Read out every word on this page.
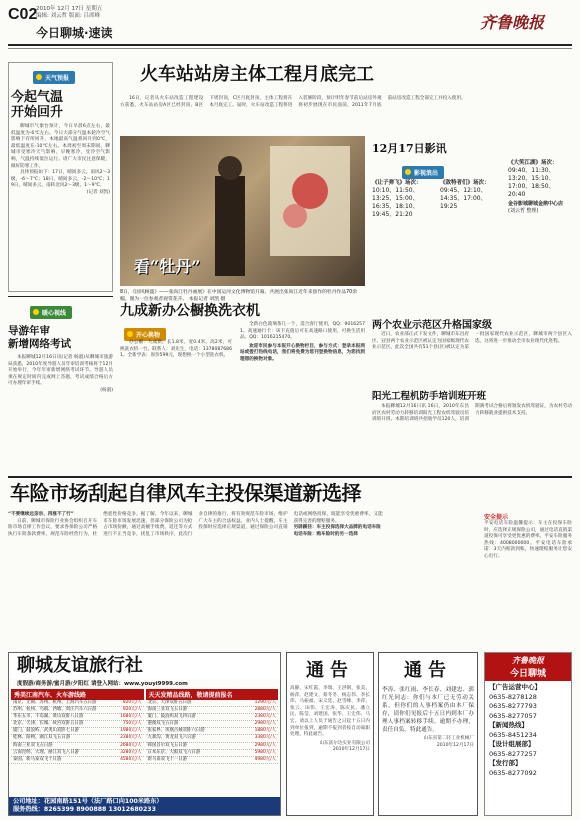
C02
2010年 12月 17日 星期五
编辑: 刘云哲 版面: 吕席峰
今日聊城·速读
齐鲁晚报
天气预报
今起气温
开始回升

聊城市气象台预计，今日早晨6点左右，最低温度为-6℃左右。今日大部分气温本轮冷空气影响下有所回升，本地最高气温将回升到0℃，最低温度在-10℃左右。本周初至周末期间，聊城市受寒冷天气影响，早晚寒冷，受冷空气影响，气温持续低位运行。请广大市民注意保暖，做好防寒工作。

具体预报如下：17日，晴间多云，南风2～3级，-6～7℃；18日，晴间多云，-2～10℃；19日，晴间多云，南转北风2～3级，1～9℃。

(记者 刘凯)

火车站站房主体工程月底完工

16日，记者从火车站改造工程建设方获悉，火车站站房A区已经封顶，B区下周封顶，C区月底封顶，主体工程将在本月底完工。届时，火车站改造工程将进入装修阶段，预计明年春节前后站房外观将初步展现在市民面前，2011年7月底前站房改造工程全部完工并投入使用。

看“牡丹”
8日，《国风顾盛》——张尚江牡丹画展》在中国运河文化博物馆开幕，共展出张尚江近年来创作的牡丹作品70余幅，图为一位参观者观赏花卉。 本报记者 刘凯 摄
12月17日影讯
影视浪出
《让子弹飞》场次：
10:10、11:50、13:25、15:00、16:35、18:10、19:45、21:20
《敌特者们》场次：
09:45、12:10、14:35、17:00、19:25
《大笑江湖》场次：
09:40、11:30、13:20、15:10、17:00、18:50、20:40
金谷影城聊城金鼎中心店
(刘云哲 整理)
暖心视线
导游年审
新增网络考试

本报聊城12月16日讯(记者 杨淑)从聊城市旅游局获悉，2010年度导游人员年审培训考核将于12月开始举行，今年年审新增网络考试环节。导游人员须在规定时间内完成网上答题，考试成绩合格后方可办理年审手续。

(杨淑)

九成新办公橱换洗衣机
开心换物

办公橱：九成新，长1.8米，宽0.4米，高2米，可换洗衣机一台。联系人：刘先生，电话：13780876861。全新学表：原价599元，现想换一个小型洗衣机。

全新白色玻璃茶几一个，适合客厅使用，QQ：90162571。高速通行卡：该卡充值后可在高速路口使用，可换生活用品。QQ：1016215470。

欢迎市民参与本报开心换物栏目，参与方式：登录本报网站或拨打热线电话，我们将免费为您刊登换物信息，为您找到理想的换物对象。

两个农业示范区升格国家级

近日，农业部正式下发文件，聊城市东昌府区、冠县两个农业示范区被认定为国家级现代农业示范区。此次全国共有51个县(区)被认定为第一批国家现代农业示范区，聊城市两个县区入选，这将进一步推动全市农业现代化进程。

阳光工程机防手培训班开班

本报聊城12月16日讯 16日，2010年东昌府区农村劳动力转移培训阳光工程农机驾驶员培训班开班。本期培训班共招收学员120人，培训期满考试合格后将颁发农机驾驶证，为农村劳动力转移就业提供技术支持。

车险市场刮起自律风车主投保渠道新选择

“不要继续远亲宗、再涨不了行”

日前，聊城市保险行业协会组织召开车险市场自律工作会议，要求各保险公司严格执行车险条款费率，规范车险经营行为，杜绝恶性价格竞争。据了解，今年以来，聊城市车险市场发展迅速，但部分保险公司为抢占市场份额，通过高额手续费、返还等方式进行不正当竞争，扰乱了市场秩序。此次行业自律的推行，将有效规范车险市场，维护广大车主的合法权益。业内人士提醒，车主投保时应选择正规渠道，通过保险公司直销电话或网络投保，既能享受优惠费率，又能获得完善的理赔服务。

另辟蹊径：车主投保选择大品牌的电话车险

电话车险：购车险时的另一选择

安全提示
平安电话车险温馨提示：车主在投保车险时，应选择正规保险公司，通过电话直销渠道投保可享受更优惠的费率。平安车险服务热线：4008000000。平安电话车险承诺：3天内赔款到账，快速理赔服务让您安心出行。
聊城友谊旅行社
度假游/商务游/蜜月游/夕阳红 请登入网站：www.youyi9999.com
秀美江南汽车、火车游线路
南京、无锡、苏州、杭州、上海汽车五日游	820元/人
苏州、杭州、乌镇、西塘、周庄汽车六日游	920元/人
华东五市、千岛湖、黄山双卧八日游	1680元/人
北京、天津、长城、故宫双卧五日游	750元/人
厦门、鼓浪屿、武夷山双卧七日游	1980元/人
桂林、阳朔、漓江双飞五日游	2380元/人
海南三亚双飞五日游	2680元/人
云南昆明、大理、丽江双飞八日游	3280元/人
泰国、新马泰双飞十日游	4580元/人
天天发精品线路，敬请提前报名
北京、天津双卧五日游	1290元/人
海南三亚双飞五日游	2880元/人
厦门、鼓浪屿双飞四日游	2380元/人
港澳双飞五日游	2980元/人
张家界、凤凰古城双卧六日游	1880元/人
九寨沟、黄龙双飞六日游	3380元/人
韩国首尔双飞五日游	2980元/人
日本东京、大阪双飞六日游	5980元/人
新马泰双飞十一日游	4980元/人
公司地址：花园南路151号（法厂路口向100米路东）
服务热线：8265399 8900888 13012680233
通告
高静、宋红霞、李瑞、王洪钢、张美、杨萍、赵建文、蔡冬冬、杨志伟、李长伟、马振福、宋义廷、赵雪峰、李萍、张云、田伟、王宏涛、陈庆民、潘立民、陈莹、刘建国、张华、王宏伟、马宏。请以上人员于通告之日起十五日内到单位报到，逾期不报到者按自动离职处理。特此通告。
山东富尔达实业有限公司
2010年12月17日
通告
李涛、张红雨、李长春、刘建忠、郭红光同志：你们与本厂已无劳动关系，但你们的人事档案仍由本厂保存，请你们见报后十五日内到本厂办理人事档案转移手续。逾期不办理，责任自负。特此通告。
山东省第二轻工业机械厂
2010年12月17日
齐鲁晚报
今日聊城
【广告运营中心】
0635-8278128
0635-8277793
0635-8277057
【新闻热线】
0635-8451234
【设计组展部】
0635-8277257
【发行部】
0635-8277092
